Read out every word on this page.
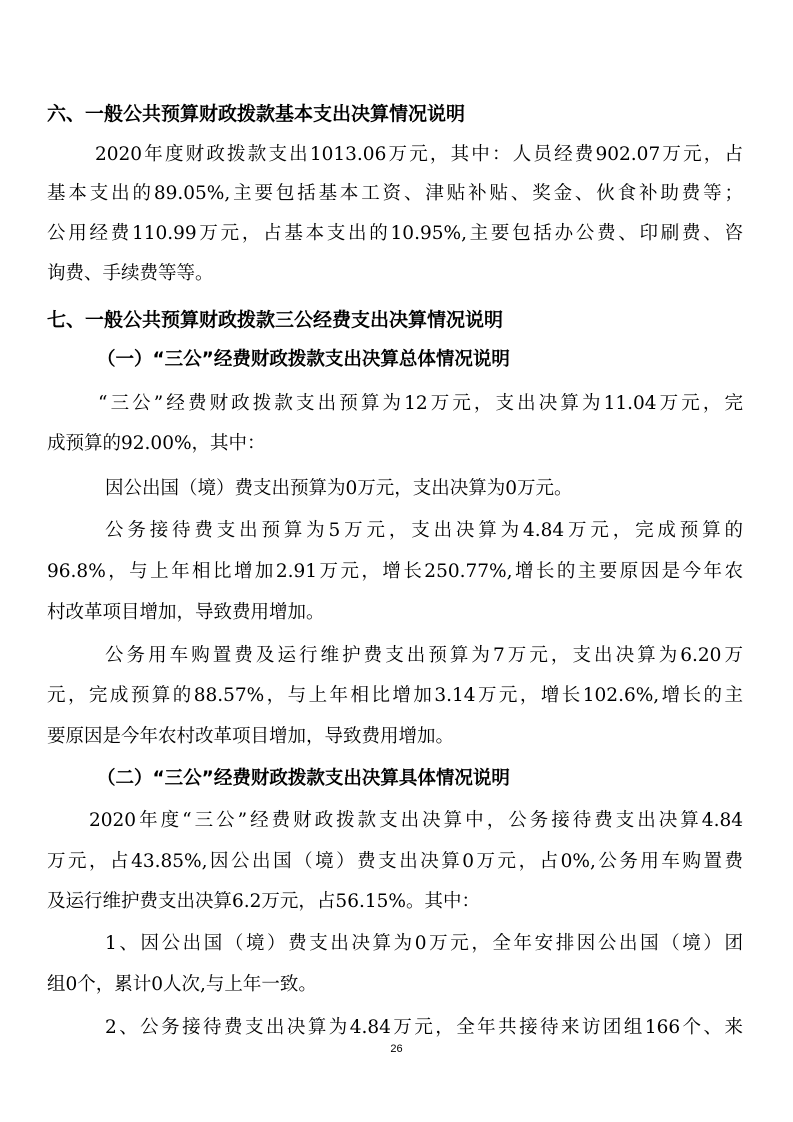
六、一般公共预算财政拨款基本支出决算情况说明
2020年度财政拨款支出1013.06万元，其中：人员经费902.07万元，占
基本支出的89.05%,主要包括基本工资、津贴补贴、奖金、伙食补助费等；
公用经费110.99万元，占基本支出的10.95%,主要包括办公费、印刷费、咨
询费、手续费等等。
七、一般公共预算财政拨款三公经费支出决算情况说明
（一）“三公”经费财政拨款支出决算总体情况说明
“三公”经费财政拨款支出预算为12万元，支出决算为11.04万元，完
成预算的92.00%，其中：
因公出国（境）费支出预算为0万元，支出决算为0万元。
公务接待费支出预算为5万元，支出决算为4.84万元，完成预算的
96.8%，与上年相比增加2.91万元，增长250.77%,增长的主要原因是今年农
村改革项目增加，导致费用增加。
公务用车购置费及运行维护费支出预算为7万元，支出决算为6.20万
元，完成预算的88.57%，与上年相比增加3.14万元，增长102.6%,增长的主
要原因是今年农村改革项目增加，导致费用增加。
（二）“三公”经费财政拨款支出决算具体情况说明
2020年度“三公”经费财政拨款支出决算中，公务接待费支出决算4.84
万元，占43.85%,因公出国（境）费支出决算0万元，占0%,公务用车购置费
及运行维护费支出决算6.2万元，占56.15%。其中：
1、因公出国（境）费支出决算为0万元，全年安排因公出国（境）团
组0个，累计0人次,与上年一致。
2、公务接待费支出决算为4.84万元，全年共接待来访团组166个、来
26
